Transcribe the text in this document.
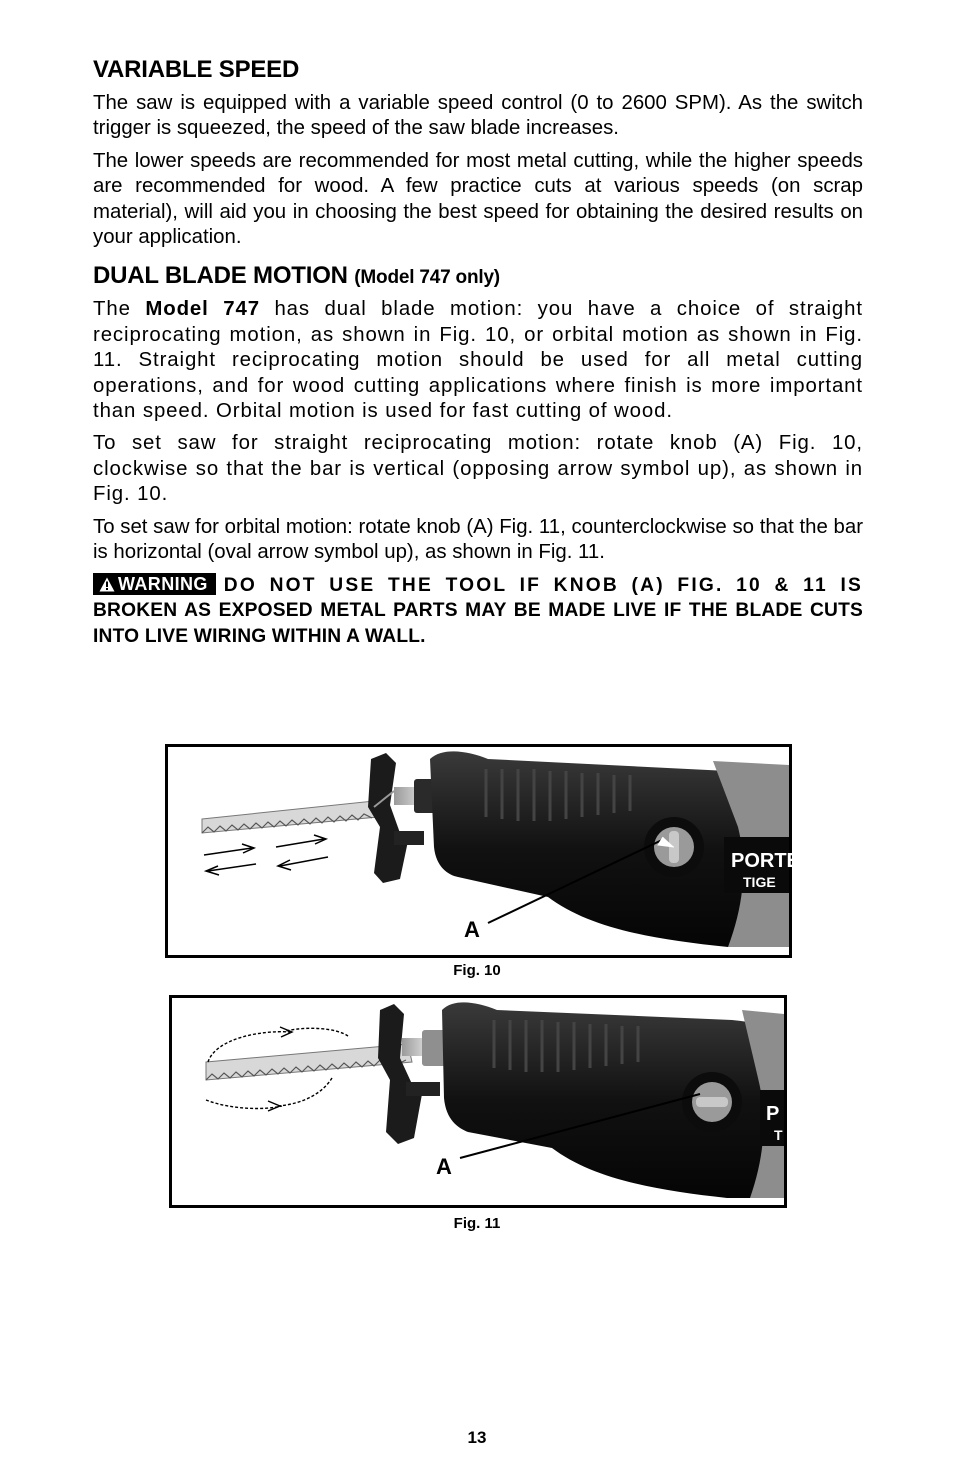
VARIABLE SPEED

The saw is equipped with a variable speed control (0 to 2600 SPM). As the switch trigger is squeezed, the speed of the saw blade increases.

The lower speeds are recommended for most metal cutting, while the higher speeds are recommended for wood. A few practice cuts at various speeds (on scrap material), will aid you in choosing the best speed for obtaining the desired results on your application.

DUAL BLADE MOTION (Model 747 only)

The Model 747 has dual blade motion: you have a choice of straight reciprocating motion, as shown in Fig. 10, or orbital motion as shown in Fig. 11. Straight reciprocating motion should be used for all metal cutting operations, and for wood cutting applications where finish is more important than speed. Orbital motion is used for fast cutting of wood.

To set saw for straight reciprocating motion: rotate knob (A) Fig. 10, clockwise so that the bar is vertical (opposing arrow symbol up), as shown in Fig. 10.

To set saw for orbital motion: rotate knob (A) Fig. 11, counterclockwise so that the bar is horizontal (oval arrow symbol up), as shown in Fig. 11.

WARNING DO NOT USE THE TOOL IF KNOB (A) FIG. 10 & 11 IS BROKEN AS EXPOSED METAL PARTS MAY BE MADE LIVE IF THE BLADE CUTS INTO LIVE WIRING WITHIN A WALL.
PORTE
TIGE
A
Fig. 10
P
T
A
Fig. 11
13
